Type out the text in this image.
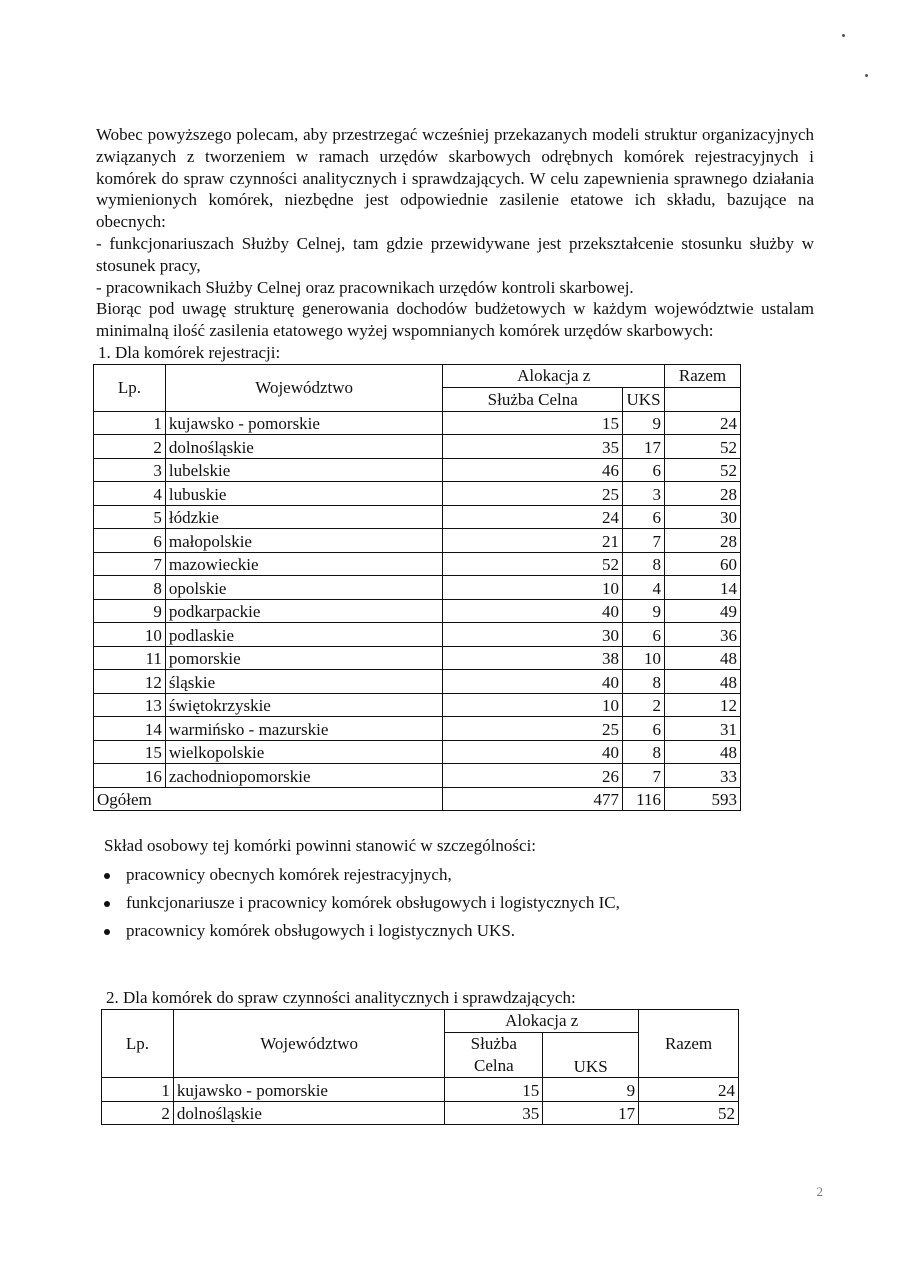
Wobec powyższego polecam, aby przestrzegać wcześniej przekazanych modeli struktur organizacyjnych związanych z tworzeniem w ramach urzędów skarbowych odrębnych komórek rejestracyjnych i komórek do spraw czynności analitycznych i sprawdzających. W celu zapewnienia sprawnego działania wymienionych komórek, niezbędne jest odpowiednie zasilenie etatowe ich składu, bazujące na obecnych:

- funkcjonariuszach Służby Celnej, tam gdzie przewidywane jest przekształcenie stosunku służby w stosunek pracy,

- pracownikach Służby Celnej oraz pracownikach urzędów kontroli skarbowej.

Biorąc pod uwagę strukturę generowania dochodów budżetowych w każdym województwie ustalam minimalną ilość zasilenia etatowego wyżej wspomnianych komórek urzędów skarbowych:

1. Dla komórek rejestracji:

Lp.	Województwo	Alokacja z		Razem
		Służba Celna	UKS	
1	kujawsko - pomorskie	15	9	24
2	dolnośląskie	35	17	52
3	lubelskie	46	6	52
4	lubuskie	25	3	28
5	łódzkie	24	6	30
6	małopolskie	21	7	28
7	mazowieckie	52	8	60
8	opolskie	10	4	14
9	podkarpackie	40	9	49
10	podlaskie	30	6	36
11	pomorskie	38	10	48
12	śląskie	40	8	48
13	świętokrzyskie	10	2	12
14	warmińsko - mazurskie	25	6	31
15	wielkopolskie	40	8	48
16	zachodniopomorskie	26	7	33
Ogółem		477	116	593

Skład osobowy tej komórki powinni stanowić w szczególności:

pracownicy obecnych komórek rejestracyjnych,
funkcjonariusze i pracownicy komórek obsługowych i logistycznych IC,
pracownicy komórek obsługowych i logistycznych UKS.

2. Dla komórek do spraw czynności analitycznych i sprawdzających:

Lp.	Województwo	Alokacja z		Razem
		Służba
Celna	UKS	
1	kujawsko - pomorskie	15	9	24
2	dolnośląskie	35	17	52
2
